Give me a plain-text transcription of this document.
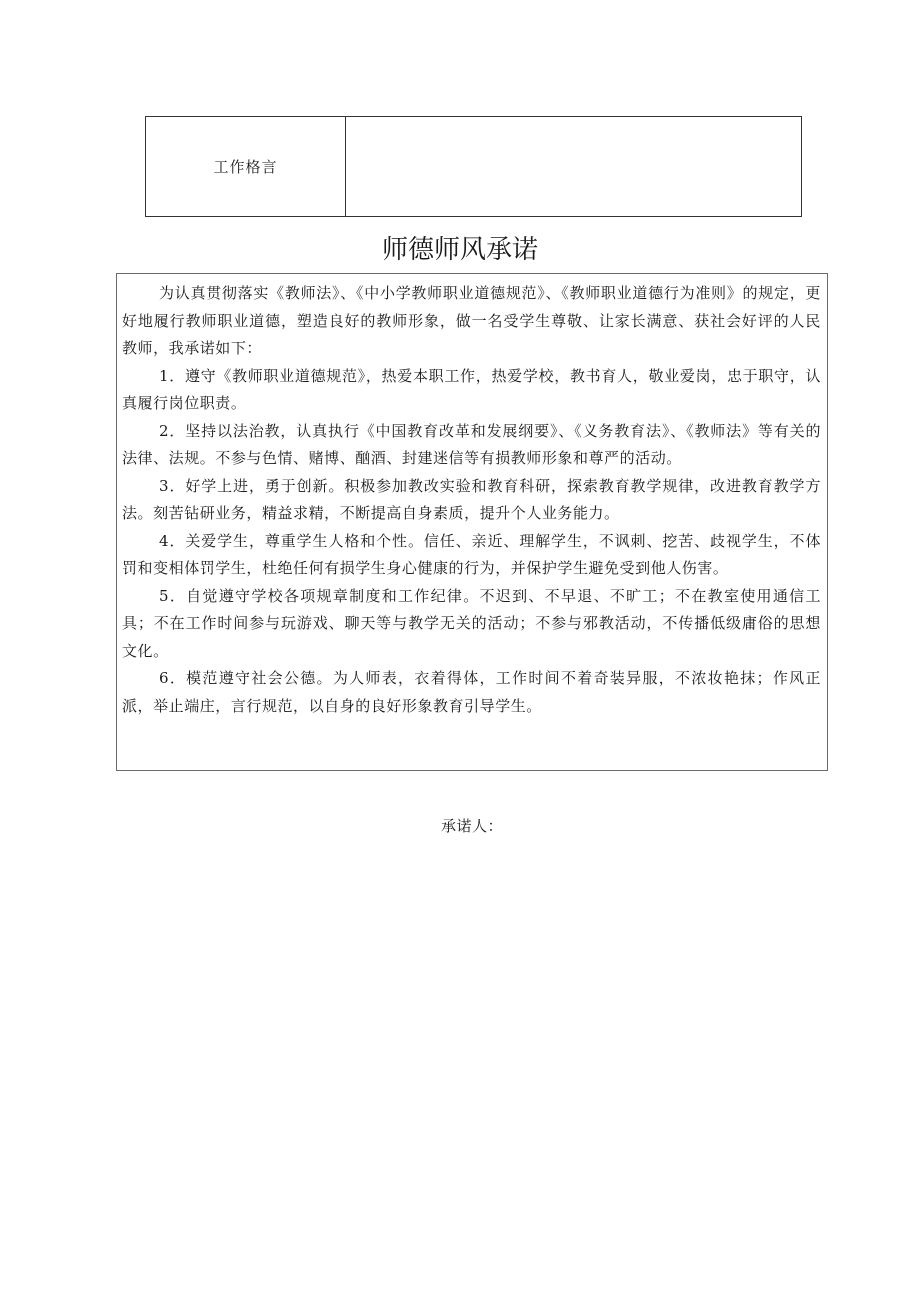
工作格言	
师德师风承诺

为认真贯彻落实《教师法》、《中小学教师职业道德规范》、《教师职业道德行为准则》的规定，更好地履行教师职业道德，塑造良好的教师形象，做一名受学生尊敬、让家长满意、获社会好评的人民教师，我承诺如下：

1．遵守《教师职业道德规范》，热爱本职工作，热爱学校，教书育人，敬业爱岗，忠于职守，认真履行岗位职责。

2．坚持以法治教，认真执行《中国教育改革和发展纲要》、《义务教育法》、《教师法》等有关的法律、法规。不参与色情、赌博、酗酒、封建迷信等有损教师形象和尊严的活动。

3．好学上进，勇于创新。积极参加教改实验和教育科研，探索教育教学规律，改进教育教学方法。刻苦钻研业务，精益求精，不断提高自身素质，提升个人业务能力。

4．关爱学生，尊重学生人格和个性。信任、亲近、理解学生，不讽刺、挖苦、歧视学生，不体罚和变相体罚学生，杜绝任何有损学生身心健康的行为，并保护学生避免受到他人伤害。

5．自觉遵守学校各项规章制度和工作纪律。不迟到、不早退、不旷工；不在教室使用通信工具；不在工作时间参与玩游戏、聊天等与教学无关的活动；不参与邪教活动，不传播低级庸俗的思想文化。

6．模范遵守社会公德。为人师表，衣着得体，工作时间不着奇装异服，不浓妆艳抹；作风正派，举止端庄，言行规范，以自身的良好形象教育引导学生。

承诺人：
